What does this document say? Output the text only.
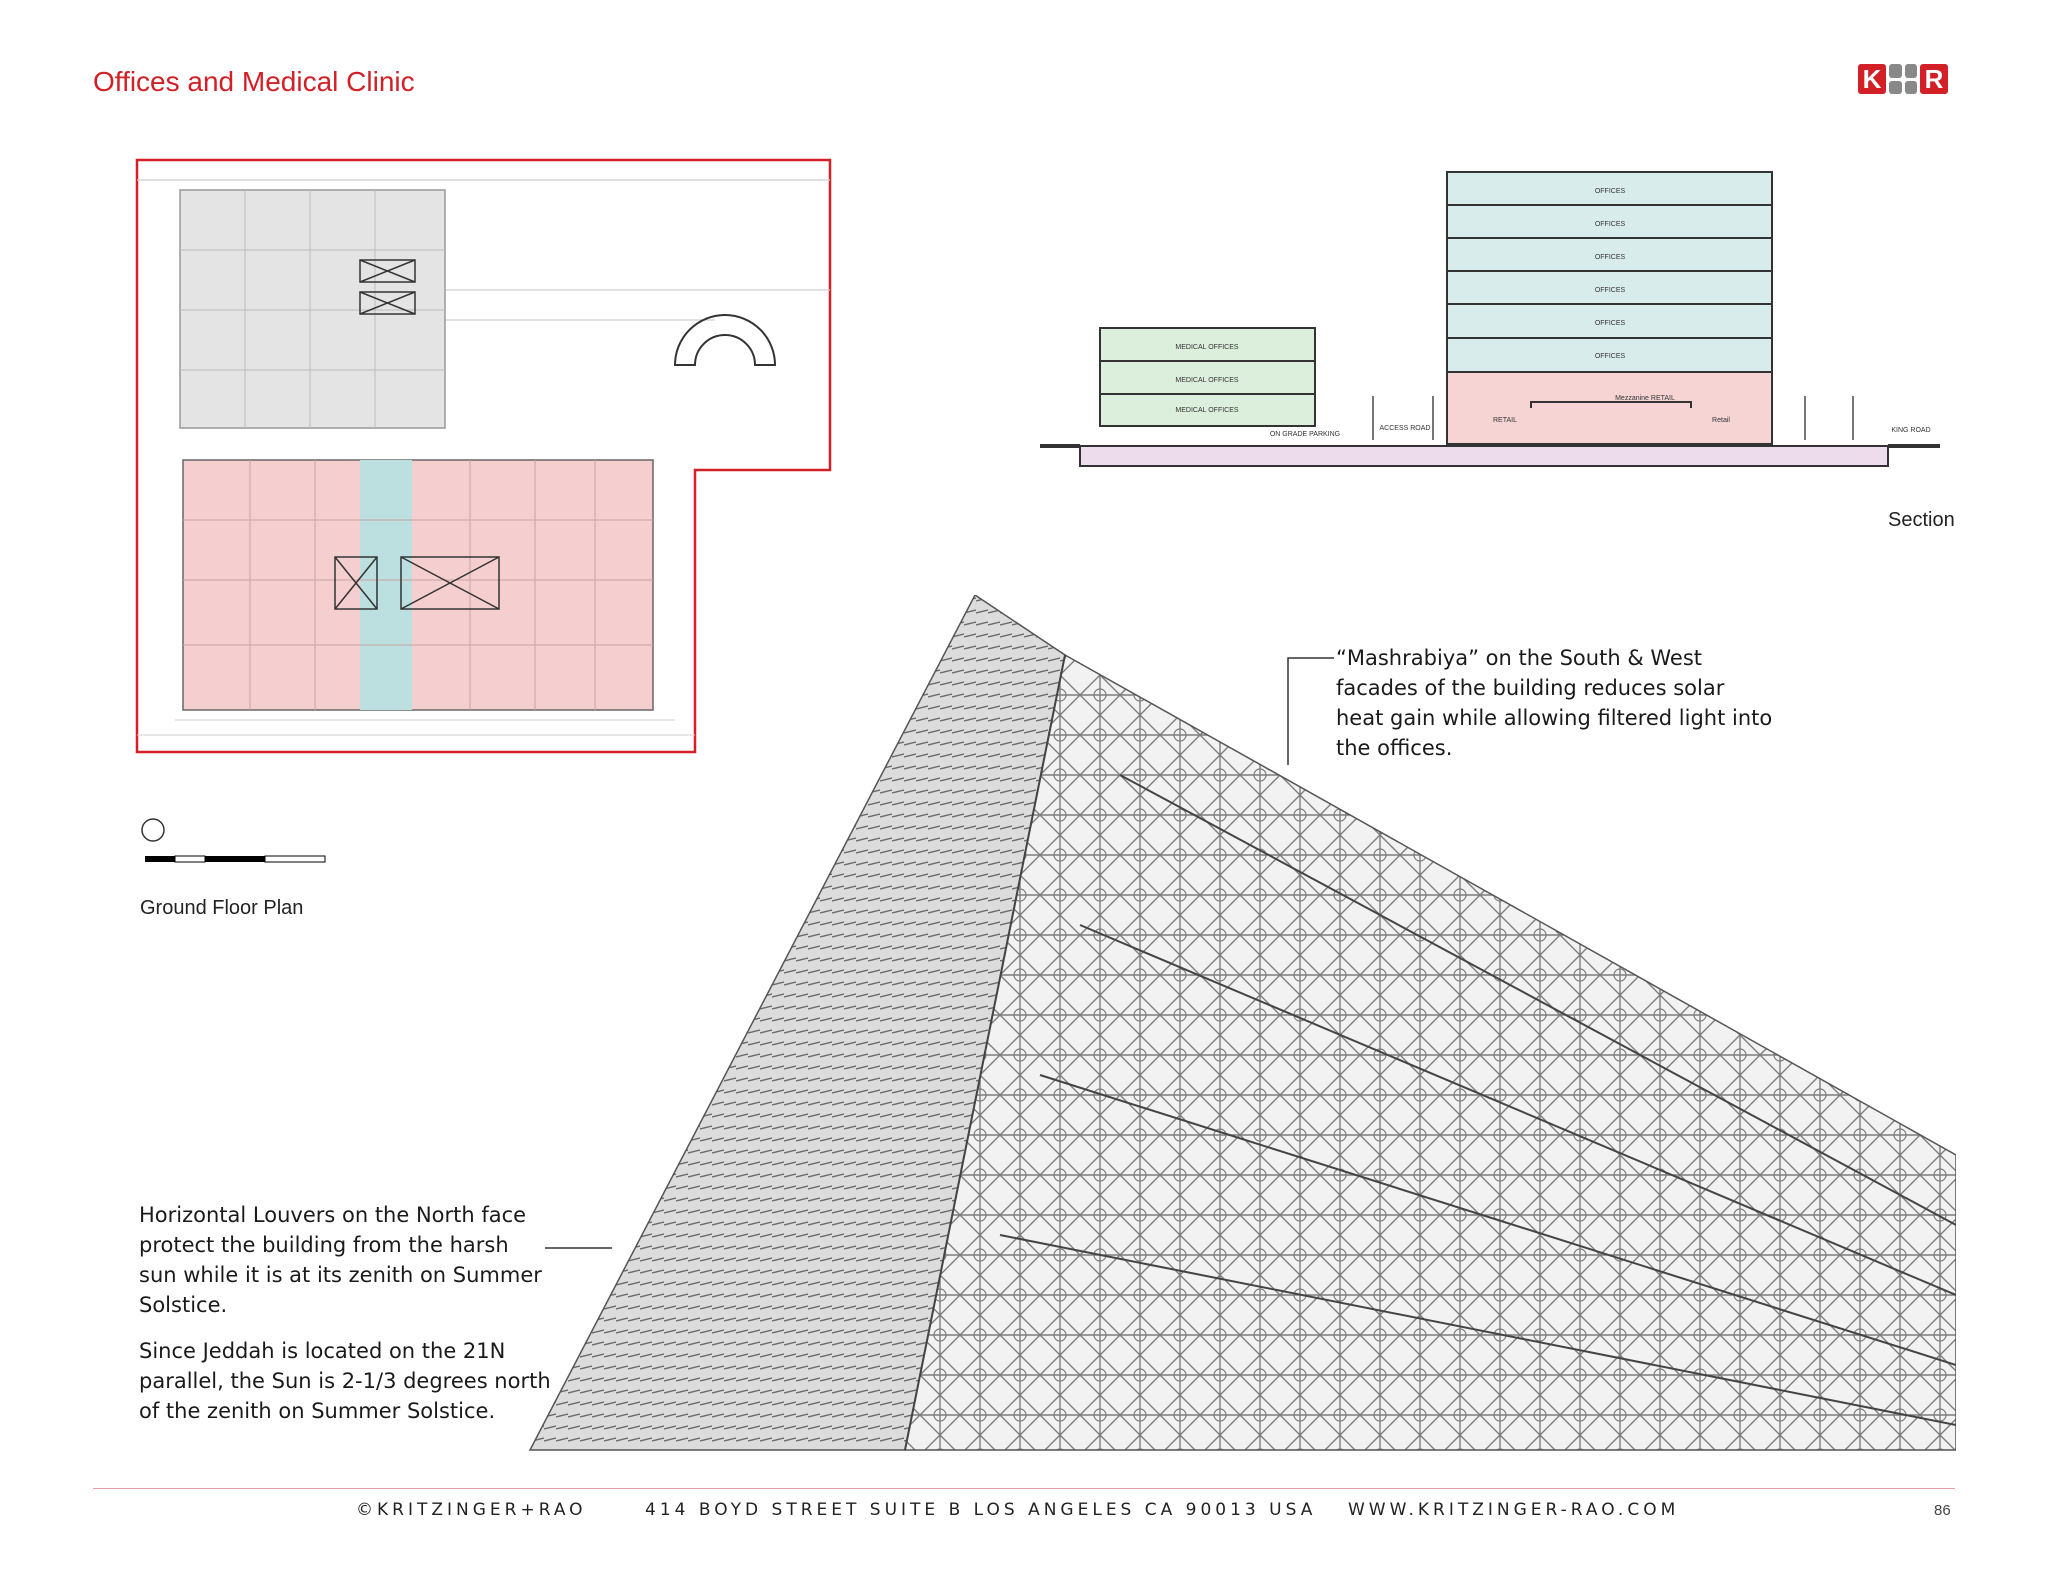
Offices and Medical Clinic	K R
Ground Floor Plan
OFFICES
OFFICES
OFFICES
OFFICES
OFFICES
OFFICES
RETAIL
Mezzanine RETAIL
Retail
MEDICAL OFFICES
MEDICAL OFFICES
MEDICAL OFFICES
ON GRADE PARKING
ACCESS ROAD	KING ROAD
Section
“Mashrabiya” on the South & West facades of the building reduces solar heat gain while allowing filtered light into the offices.
Horizontal Louvers on the North face protect the building from the harsh sun while it is at its zenith on Summer Solstice.
Since Jeddah is located on the 21N parallel, the Sun is 2-1/3 degrees north of the zenith on Summer Solstice.
©KRITZINGER+RAO	414 BOYD STREET SUITE B LOS ANGELES CA 90013 USA WWW.KRITZINGER-RAO.COM	86
